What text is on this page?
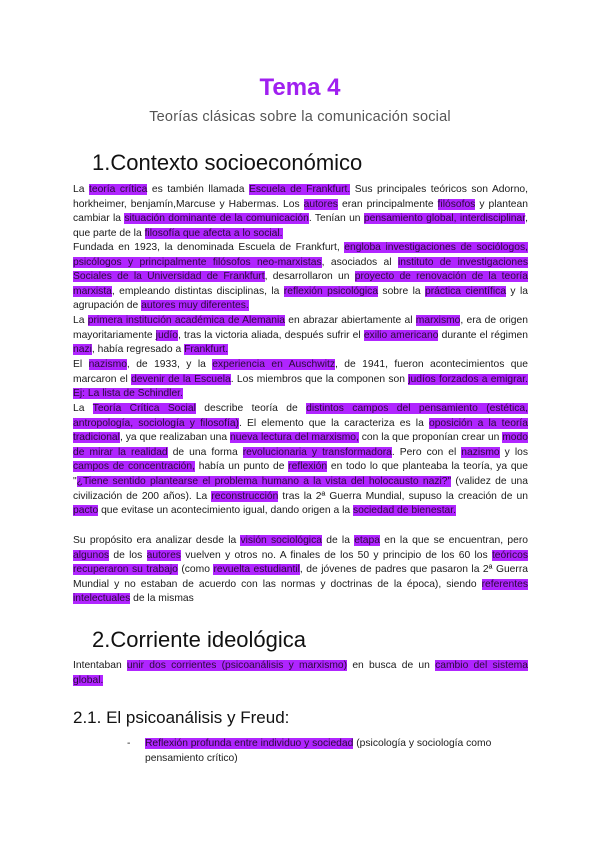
Tema 4
Teorías clásicas sobre la comunicación social
1.Contexto socioeconómico
La teoría crítica es también llamada Escuela de Frankfurt. Sus principales teóricos son Adorno, horkheimer, benjamín,Marcuse y Habermas. Los autores eran principalmente filósofos y plantean cambiar la situación dominante de la comunicación. Tenían un pensamiento global, interdisciplinar, que parte de la filosofía que afecta a lo social.
Fundada en 1923, la denominada Escuela de Frankfurt, engloba investigaciones de sociólogos, psicólogos y principalmente filósofos neo-marxistas, asociados al instituto de investigaciones Sociales de la Universidad de Frankfurt, desarrollaron un proyecto de renovación de la teoría marxista, empleando distintas disciplinas, la reflexión psicológica sobre la práctica científica y la agrupación de autores muy diferentes.
La primera institución académica de Alemania en abrazar abiertamente al marxismo, era de origen mayoritariamente judío, tras la victoria aliada, después sufrir el exilio americano durante el régimen nazi, había regresado a Frankfurt.
El nazismo, de 1933, y la experiencia en Auschwitz, de 1941, fueron acontecimientos que marcaron el devenir de la Escuela. Los miembros que la componen son judíos forzados a emigrar. Ej: La lista de Schindler.
La Teoría Crítica Social describe teoría de distintos campos del pensamiento (estética, antropología, sociología y filosofía). El elemento que la caracteriza es la oposición a la teoría tradicional, ya que realizaban una nueva lectura del marxismo, con la que proponían crear un modo de mirar la realidad de una forma revolucionaria y transformadora. Pero con el nazismo y los campos de concentración, había un punto de reflexión en todo lo que planteaba la teoría, ya que "¿Tiene sentido plantearse el problema humano a la vista del holocausto nazi?" (validez de una civilización de 200 años). La reconstrucción tras la 2ª Guerra Mundial, supuso la creación de un pacto que evitase un acontecimiento igual, dando origen a la sociedad de bienestar.
Su propósito era analizar desde la visión sociológica de la etapa en la que se encuentran, pero algunos de los autores vuelven y otros no. A finales de los 50 y principio de los 60 los teóricos recuperaron su trabajo (como revuelta estudiantil, de jóvenes de padres que pasaron la 2ª Guerra Mundial y no estaban de acuerdo con las normas y doctrinas de la época), siendo referentes intelectuales de la mismas
2.Corriente ideológica
Intentaban unir dos corrientes (psicoanálisis y marxismo) en busca de un cambio del sistema global.
2.1. El psicoanálisis y Freud:
- Reflexión profunda entre individuo y sociedad (psicología y sociología como pensamiento crítico)
